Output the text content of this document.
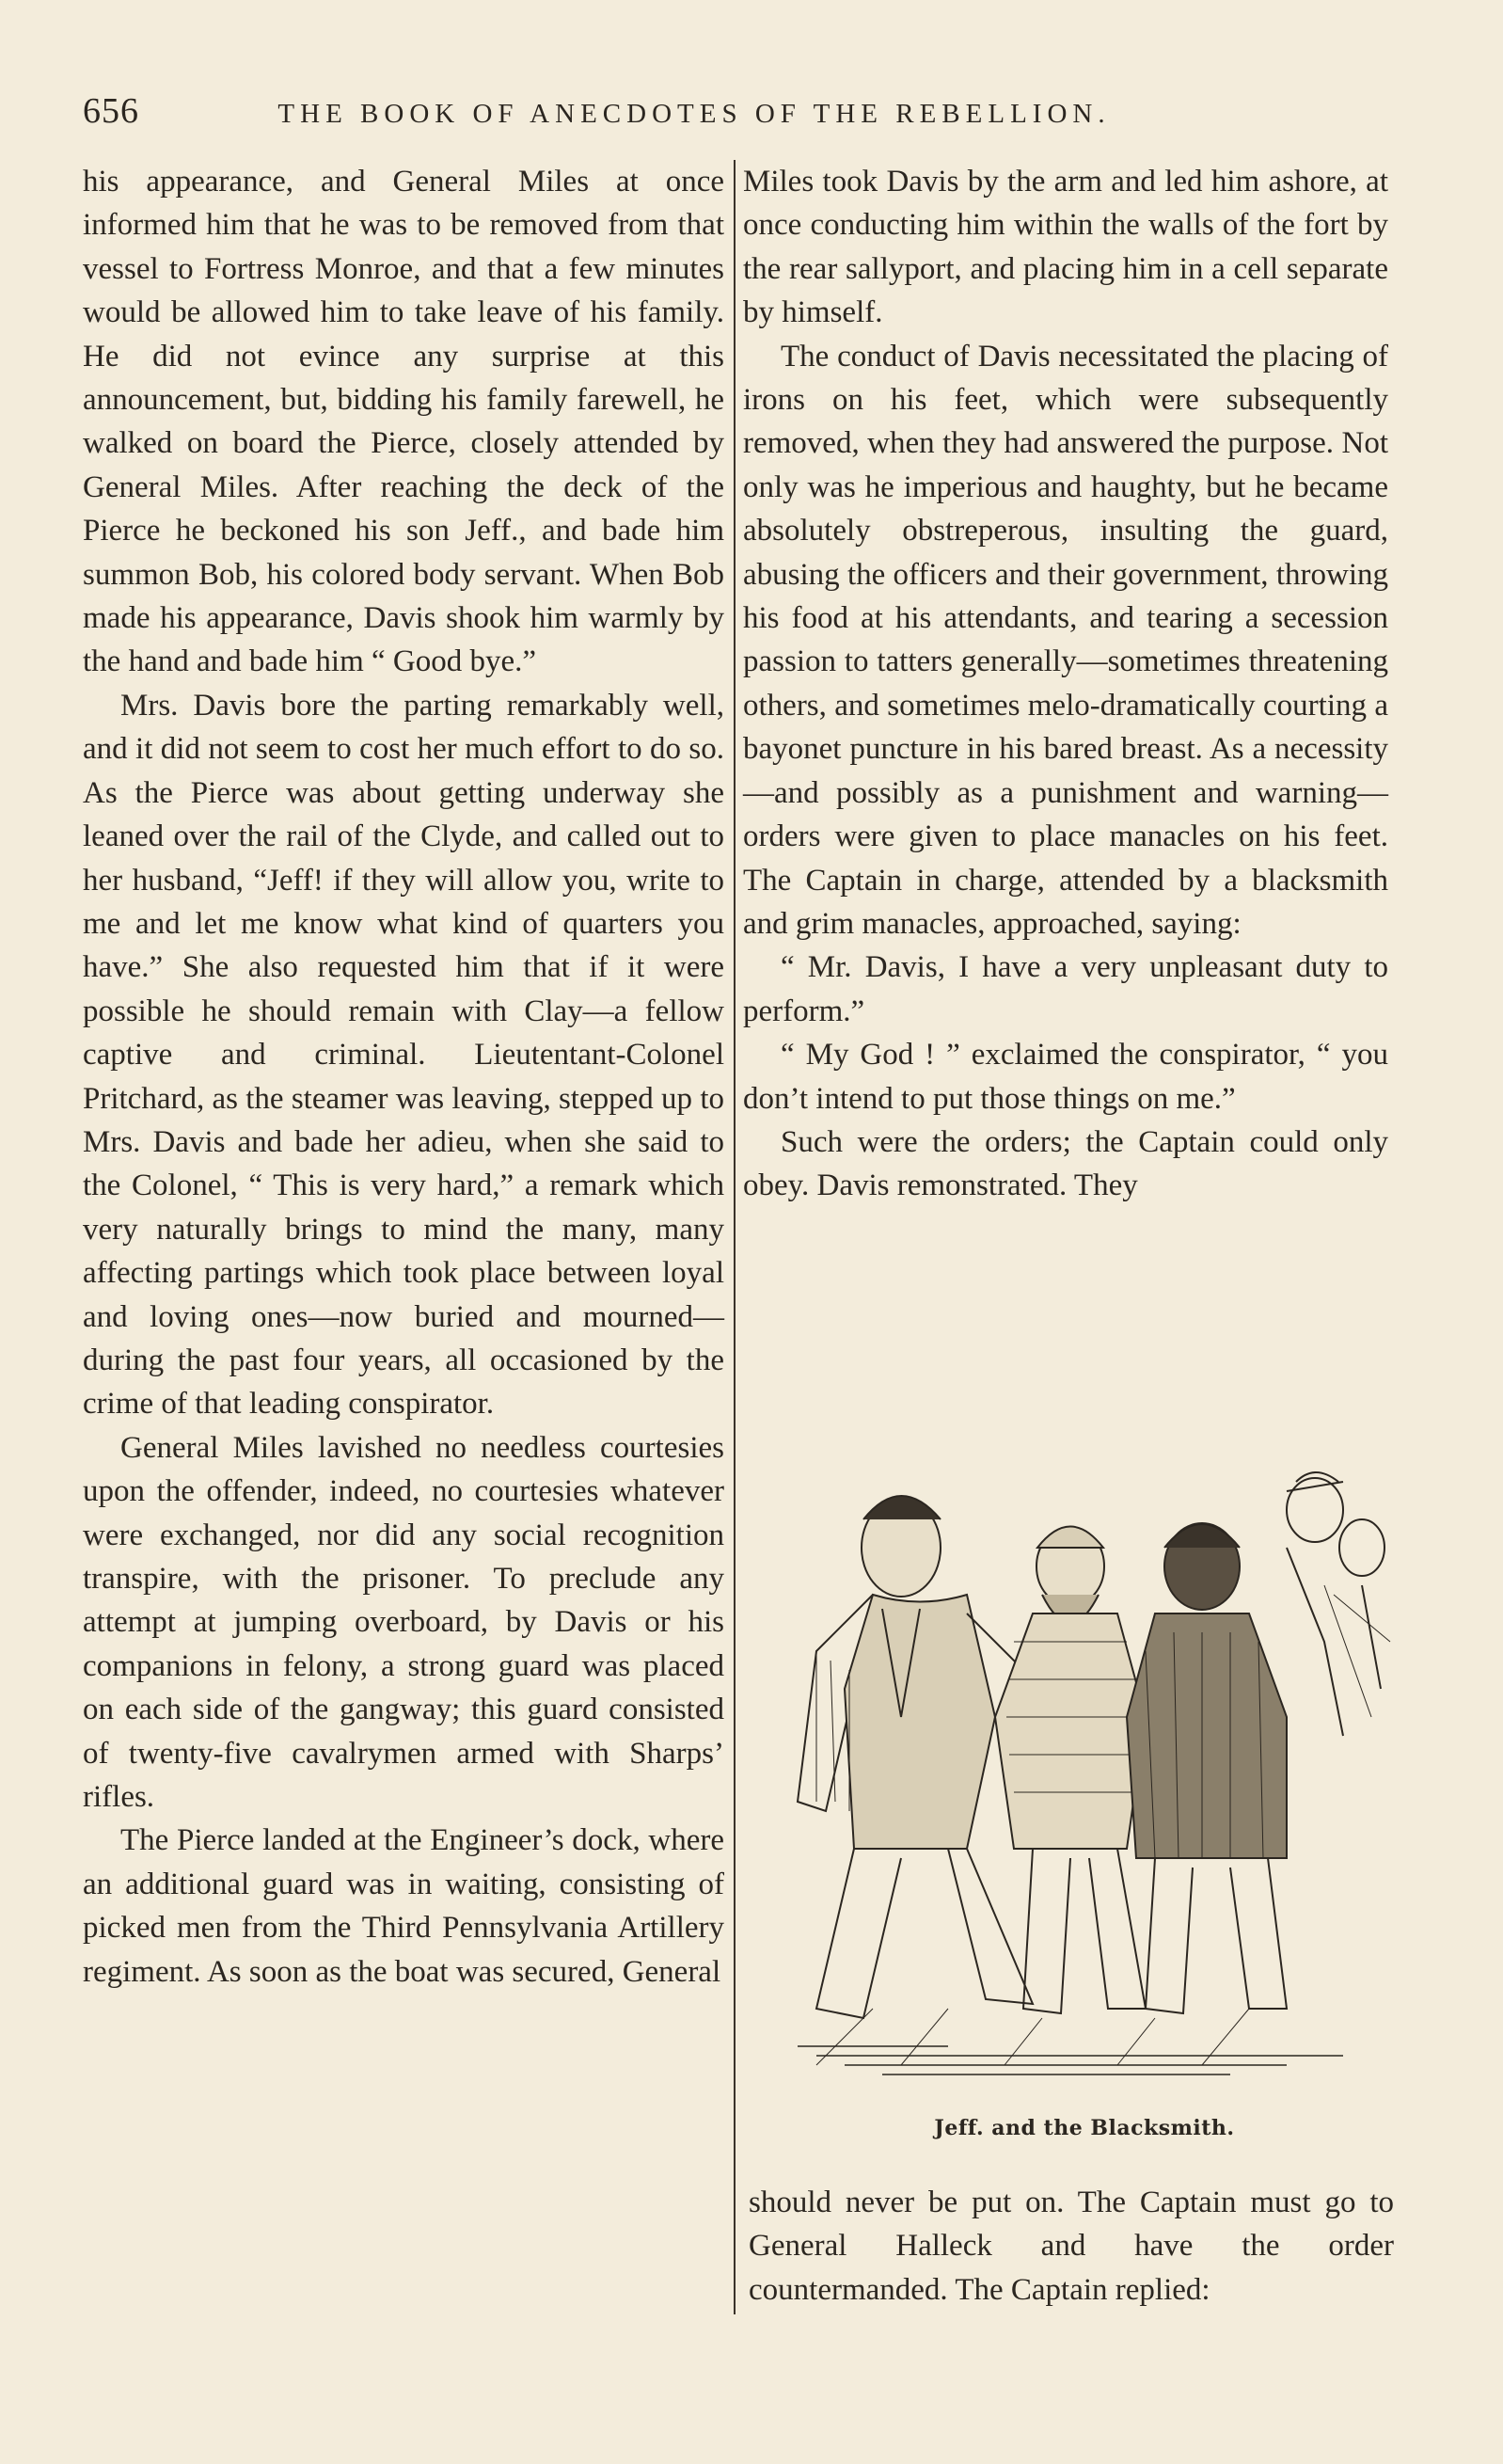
656	THE BOOK OF ANECDOTES OF THE REBELLION.

his appearance, and General Miles at once informed him that he was to be removed from that vessel to Fortress Monroe, and that a few minutes would be allowed him to take leave of his family. He did not evince any surprise at this announcement, but, bidding his family farewell, he walked on board the Pierce, closely attended by General Miles. After reaching the deck of the Pierce he beckoned his son Jeff., and bade him summon Bob, his colored body servant. When Bob made his appearance, Davis shook him warmly by the hand and bade him “ Good bye.”

Mrs. Davis bore the parting remarkably well, and it did not seem to cost her much effort to do so. As the Pierce was about getting underway she leaned over the rail of the Clyde, and called out to her husband, “Jeff! if they will allow you, write to me and let me know what kind of quarters you have.” She also requested him that if it were possible he should remain with Clay—a fellow captive and criminal. Lieutentant-Colonel Pritchard, as the steamer was leaving, stepped up to Mrs. Davis and bade her adieu, when she said to the Colonel, “ This is very hard,” a remark which very naturally brings to mind the many, many affecting partings which took place between loyal and loving ones—now buried and mourned—during the past four years, all occasioned by the crime of that leading conspirator.

General Miles lavished no needless courtesies upon the offender, indeed, no courtesies whatever were exchanged, nor did any social recognition transpire, with the prisoner. To preclude any attempt at jumping overboard, by Davis or his companions in felony, a strong guard was placed on each side of the gangway; this guard consisted of twenty-five cavalrymen armed with Sharps’ rifles.

The Pierce landed at the Engineer’s dock, where an additional guard was in waiting, consisting of picked men from the Third Pennsylvania Artillery regiment. As soon as the boat was secured, General

Miles took Davis by the arm and led him ashore, at once conducting him within the walls of the fort by the rear sallyport, and placing him in a cell separate by himself.

The conduct of Davis necessitated the placing of irons on his feet, which were subsequently removed, when they had answered the purpose. Not only was he imperious and haughty, but he became absolutely obstreperous, insulting the guard, abusing the officers and their government, throwing his food at his attendants, and tearing a secession passion to tatters generally—sometimes threatening others, and sometimes melo-dramatically courting a bayonet puncture in his bared breast. As a necessity—and possibly as a punishment and warning—orders were given to place manacles on his feet. The Captain in charge, attended by a blacksmith and grim manacles, approached, saying:

“ Mr. Davis, I have a very unpleasant duty to perform.”

“ My God ! ” exclaimed the conspirator, “ you don’t intend to put those things on me.”

Such were the orders; the Captain could only obey. Davis remonstrated. They

Jeff. and the Blacksmith.

should never be put on. The Captain must go to General Halleck and have the order countermanded. The Captain replied:
